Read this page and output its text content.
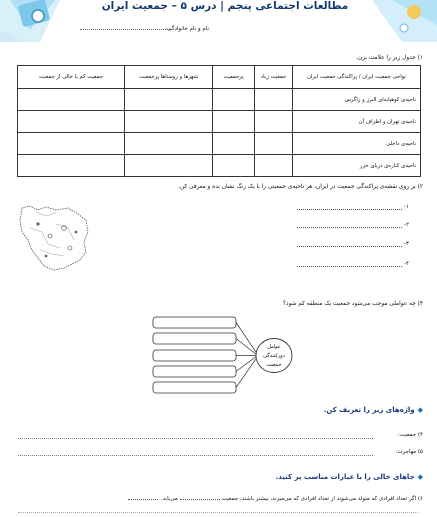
مطالعات اجتماعی پنجم | درس ۵ – جمعیت ایران
نام و نام خانوادگی:
۱) جدول زیر را علامت بزن.
نواحی جمعیت ایران / پراکندگی جمعیت ایران	جمعیت زیاد	پرجمعیت	شهرها و روستاها پرجمعیت	جمعیت کم یا خالی از جمعیت
ناحیه‌ی کوهپایه‌ای البرز و زاگرس				
ناحیه‌ی تهران و اطراف آن				
ناحیه‌ی داخلی				
ناحیه‌ی کناره‌ی دریای خزر				
۲) بر روی نقشه‌ی پراکندگی جمعیت در ایران، هر ناحیه‌ی جمعیتی را با یک رنگ نشان بده و معرفی کن.
-۱
-۲
-۳
-۴
۳) چه عواملی موجب می‌شود جمعیت یک منطقه کم شود؟
عوامل
دورکنندگی
جمعیت
◆واژه‌های زیر را تعریف کن.
۴) جمعیت:
۵) مهاجرت:
◆جاهای خالی را با عبارات مناسب پر کنید.
۶) اگر تعداد افرادی که متولد می‌شوند از تعداد افرادی که می‌میرند، بیشتر باشند، جمعیتمی‌یابد.
